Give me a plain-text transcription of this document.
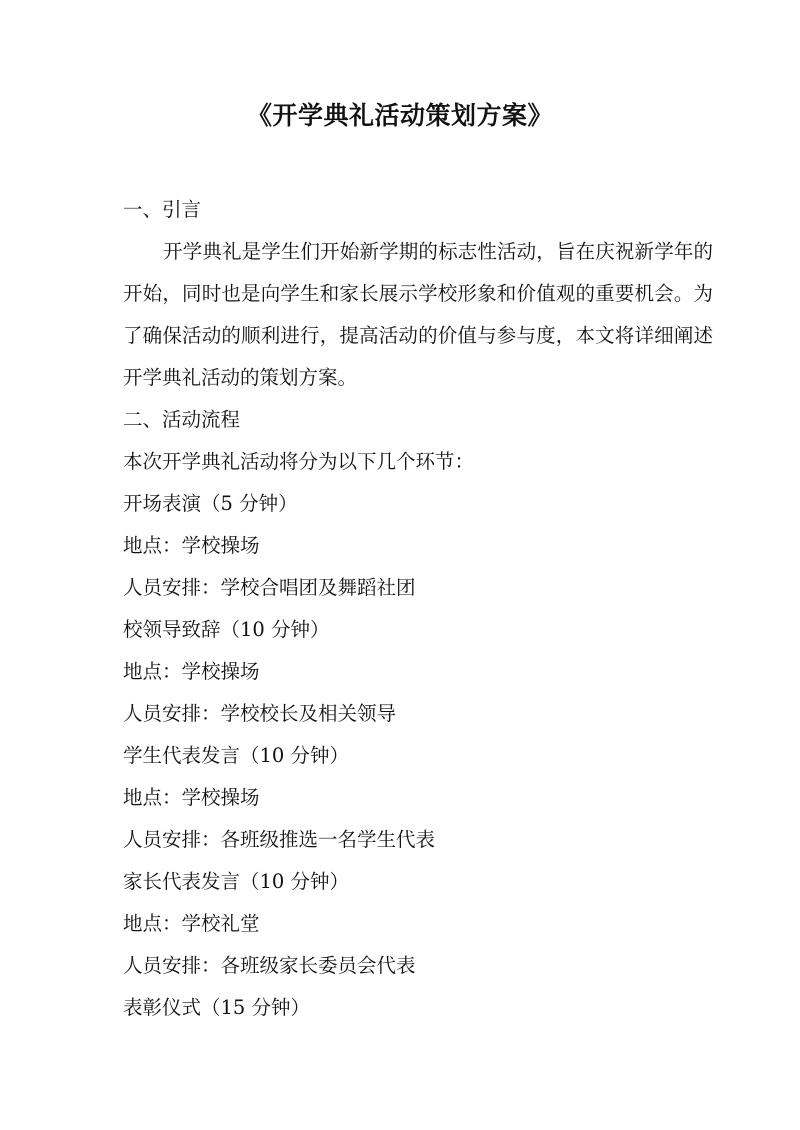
《开学典礼活动策划方案》

一、引言

开学典礼是学生们开始新学期的标志性活动，旨在庆祝新学年的开始，同时也是向学生和家长展示学校形象和价值观的重要机会。为了确保活动的顺利进行，提高活动的价值与参与度，本文将详细阐述开学典礼活动的策划方案。

二、活动流程

本次开学典礼活动将分为以下几个环节：

开场表演（5 分钟）

地点：学校操场

人员安排：学校合唱团及舞蹈社团

校领导致辞（10 分钟）

地点：学校操场

人员安排：学校校长及相关领导

学生代表发言（10 分钟）

地点：学校操场

人员安排：各班级推选一名学生代表

家长代表发言（10 分钟）

地点：学校礼堂

人员安排：各班级家长委员会代表

表彰仪式（15 分钟）
